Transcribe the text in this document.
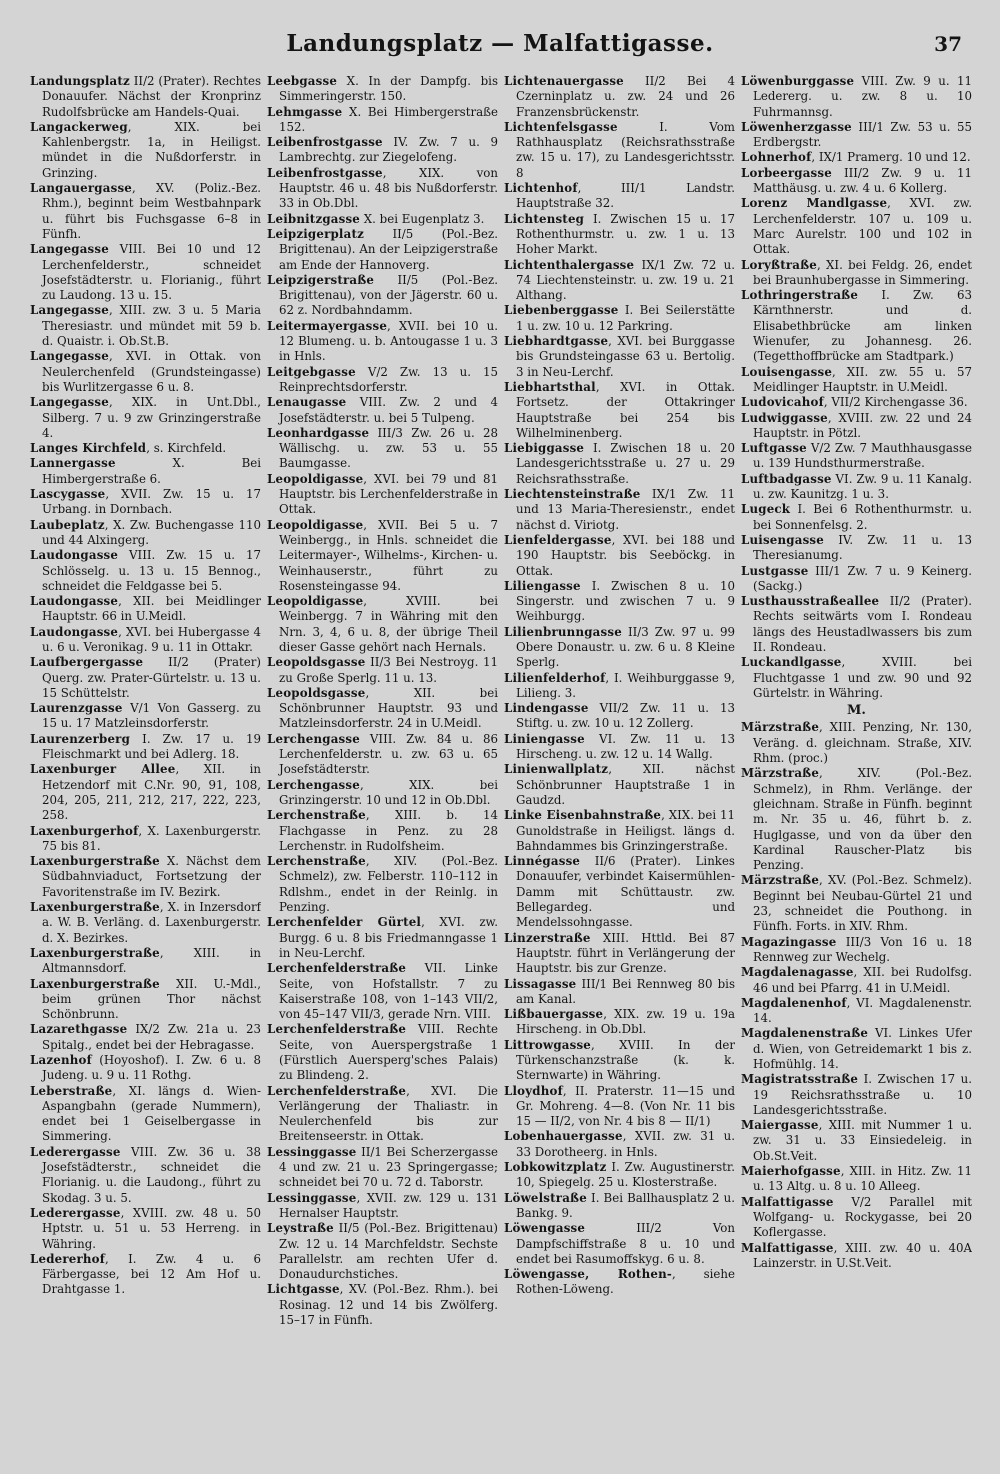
Landungsplatz — Malfattigasse.	37

Landungsplatz II/2 (Prater). Rechtes Donauufer. Nächst der Kronprinz Rudolfsbrücke am Handels-Quai.

Langackerweg, XIX. bei Kahlenbergstr. 1a, in Heiligst. mündet in die Nußdorferstr. in Grinzing.

Langauergasse, XV. (Poliz.-Bez. Rhm.), beginnt beim Westbahnpark u. führt bis Fuchsgasse 6–8 in Fünfh.

Langegasse VIII. Bei 10 und 12 Lerchenfelderstr., schneidet Josefstädterstr. u. Florianig., führt zu Laudong. 13 u. 15.

Langegasse, XIII. zw. 3 u. 5 Maria Theresiastr. und mündet mit 59 b. d. Quaistr. i. Ob.St.B.

Langegasse, XVI. in Ottak. von Neulerchenfeld (Grundsteingasse) bis Wurlitzergasse 6 u. 8.

Langegasse, XIX. in Unt.Dbl., Silberg. 7 u. 9 zw Grinzingerstraße 4.

Langes Kirchfeld, s. Kirchfeld.

Lannergasse X. Bei Himbergerstraße 6.

Lascygasse, XVII. Zw. 15 u. 17 Urbang. in Dornbach.

Laubeplatz, X. Zw. Buchengasse 110 und 44 Alxingerg.

Laudongasse VIII. Zw. 15 u. 17 Schlösselg. u. 13 u. 15 Bennog., schneidet die Feldgasse bei 5.

Laudongasse, XII. bei Meidlinger Hauptstr. 66 in U.Meidl.

Laudongasse, XVI. bei Hubergasse 4 u. 6 u. Veronikag. 9 u. 11 in Ottakr.

Laufbergergasse II/2 (Prater) Querg. zw. Prater-Gürtelstr. u. 13 u. 15 Schüttelstr.

Laurenzgasse V/1 Von Gasserg. zu 15 u. 17 Matzleinsdorferstr.

Laurenzerberg I. Zw. 17 u. 19 Fleischmarkt und bei Adlerg. 18.

Laxenburger Allee, XII. in Hetzendorf mit C.Nr. 90, 91, 108, 204, 205, 211, 212, 217, 222, 223, 258.

Laxenburgerhof, X. Laxenburgerstr. 75 bis 81.

Laxenburgerstraße X. Nächst dem Südbahnviaduct, Fortsetzung der Favoritenstraße im IV. Bezirk.

Laxenburgerstraße, X. in Inzersdorf a. W. B. Verläng. d. Laxenburgerstr. d. X. Bezirkes.

Laxenburgerstraße, XIII. in Altmannsdorf.

Laxenburgerstraße XII. U.-Mdl., beim grünen Thor nächst Schönbrunn.

Lazarethgasse IX/2 Zw. 21a u. 23 Spitalg., endet bei der Hebragasse.

Lazenhof (Hoyoshof). I. Zw. 6 u. 8 Judeng. u. 9 u. 11 Rothg.

Leberstraße, XI. längs d. Wien-Aspangbahn (gerade Nummern), endet bei 1 Geiselbergasse in Simmering.

Lederergasse VIII. Zw. 36 u. 38 Josefstädterstr., schneidet die Florianig. u. die Laudong., führt zu Skodag. 3 u. 5.

Lederergasse, XVIII. zw. 48 u. 50 Hptstr. u. 51 u. 53 Herreng. in Währing.

Ledererhof, I. Zw. 4 u. 6 Färbergasse, bei 12 Am Hof u. Drahtgasse 1.

Leebgasse X. In der Dampfg. bis Simmeringerstr. 150.

Lehmgasse X. Bei Himbergerstraße 152.

Leibenfrostgasse IV. Zw. 7 u. 9 Lambrechtg. zur Ziegelofeng.

Leibenfrostgasse, XIX. von Hauptstr. 46 u. 48 bis Nußdorferstr. 33 in Ob.Dbl.

Leibnitzgasse X. bei Eugenplatz 3.

Leipzigerplatz II/5 (Pol.-Bez. Brigittenau). An der Leipzigerstraße am Ende der Hannoverg.

Leipzigerstraße II/5 (Pol.-Bez. Brigittenau), von der Jägerstr. 60 u. 62 z. Nordbahndamm.

Leitermayergasse, XVII. bei 10 u. 12 Blumeng. u. b. Antougasse 1 u. 3 in Hnls.

Leitgebgasse V/2 Zw. 13 u. 15 Reinprechtsdorferstr.

Lenaugasse VIII. Zw. 2 und 4 Josefstädterstr. u. bei 5 Tulpeng.

Leonhardgasse III/3 Zw. 26 u. 28 Wällischg. u. zw. 53 u. 55 Baumgasse.

Leopoldigasse, XVI. bei 79 und 81 Hauptstr. bis Lerchenfelderstraße in Ottak.

Leopoldigasse, XVII. Bei 5 u. 7 Weinbergg., in Hnls. schneidet die Leitermayer-, Wilhelms-, Kirchen- u. Weinhauserstr., führt zu Rosensteingasse 94.

Leopoldigasse, XVIII. bei Weinbergg. 7 in Währing mit den Nrn. 3, 4, 6 u. 8, der übrige Theil dieser Gasse gehört nach Hernals.

Leopoldsgasse II/3 Bei Nestroyg. 11 zu Große Sperlg. 11 u. 13.

Leopoldsgasse, XII. bei Schönbrunner Hauptstr. 93 und Matzleinsdorferstr. 24 in U.Meidl.

Lerchengasse VIII. Zw. 84 u. 86 Lerchenfelderstr. u. zw. 63 u. 65 Josefstädterstr.

Lerchengasse, XIX. bei Grinzingerstr. 10 und 12 in Ob.Dbl.

Lerchenstraße, XIII. b. 14 Flachgasse in Penz. zu 28 Lerchenstr. in Rudolfsheim.

Lerchenstraße, XIV. (Pol.-Bez. Schmelz), zw. Felberstr. 110–112 in Rdlshm., endet in der Reinlg. in Penzing.

Lerchenfelder Gürtel, XVI. zw. Burgg. 6 u. 8 bis Friedmanngasse 1 in Neu-Lerchf.

Lerchenfelderstraße VII. Linke Seite, von Hofstallstr. 7 zu Kaiserstraße 108, von 1–143 VII/2, von 45–147 VII/3, gerade Nrn. VIII.

Lerchenfelderstraße VIII. Rechte Seite, von Auerspergstraße 1 (Fürstlich Auersperg'sches Palais) zu Blindeng. 2.

Lerchenfelderstraße, XVI. Die Verlängerung der Thaliastr. in Neulerchenfeld bis zur Breitenseerstr. in Ottak.

Lessinggasse II/1 Bei Scherzergasse 4 und zw. 21 u. 23 Springergasse; schneidet bei 70 u. 72 d. Taborstr.

Lessinggasse, XVII. zw. 129 u. 131 Hernalser Hauptstr.

Leystraße II/5 (Pol.-Bez. Brigittenau) Zw. 12 u. 14 Marchfeldstr. Sechste Parallelstr. am rechten Ufer d. Donaudurchstiches.

Lichtgasse, XV. (Pol.-Bez. Rhm.). bei Rosinag. 12 und 14 bis Zwölferg. 15–17 in Fünfh.

Lichtenauergasse II/2 Bei 4 Czerninplatz u. zw. 24 und 26 Franzensbrückenstr.

Lichtenfelsgasse I. Vom Rathhausplatz (Reichsrathsstraße zw. 15 u. 17), zu Landesgerichtsstr. 8

Lichtenhof, III/1 Landstr. Hauptstraße 32.

Lichtensteg I. Zwischen 15 u. 17 Rothenthurmstr. u. zw. 1 u. 13 Hoher Markt.

Lichtenthalergasse IX/1 Zw. 72 u. 74 Liechtensteinstr. u. zw. 19 u. 21 Althang.

Liebenberggasse I. Bei Seilerstätte 1 u. zw. 10 u. 12 Parkring.

Liebhardtgasse, XVI. bei Burggasse bis Grundsteingasse 63 u. Bertolig. 3 in Neu-Lerchf.

Liebhartsthal, XVI. in Ottak. Fortsetz. der Ottakringer Hauptstraße bei 254 bis Wilhelminenberg.

Liebiggasse I. Zwischen 18 u. 20 Landesgerichtsstraße u. 27 u. 29 Reichsrathsstraße.

Liechtensteinstraße IX/1 Zw. 11 und 13 Maria-Theresienstr., endet nächst d. Viriotg.

Lienfeldergasse, XVI. bei 188 und 190 Hauptstr. bis Seeböckg. in Ottak.

Liliengasse I. Zwischen 8 u. 10 Singerstr. und zwischen 7 u. 9 Weihburgg.

Lilienbrunngasse II/3 Zw. 97 u. 99 Obere Donaustr. u. zw. 6 u. 8 Kleine Sperlg.

Lilienfelderhof, I. Weihburggasse 9, Lilieng. 3.

Lindengasse VII/2 Zw. 11 u. 13 Stiftg. u. zw. 10 u. 12 Zollerg.

Liniengasse VI. Zw. 11 u. 13 Hirscheng. u. zw. 12 u. 14 Wallg.

Linienwallplatz, XII. nächst Schönbrunner Hauptstraße 1 in Gaudzd.

Linke Eisenbahnstraße, XIX. bei 11 Gunoldstraße in Heiligst. längs d. Bahndammes bis Grinzingerstraße.

Linnégasse II/6 (Prater). Linkes Donauufer, verbindet Kaisermühlen-Damm mit Schüttaustr. zw. Bellegardeg. und Mendelssohngasse.

Linzerstraße XIII. Httld. Bei 87 Hauptstr. führt in Verlängerung der Hauptstr. bis zur Grenze.

Lissagasse III/1 Bei Rennweg 80 bis am Kanal.

Lißbauergasse, XIX. zw. 19 u. 19a Hirscheng. in Ob.Dbl.

Littrowgasse, XVIII. In der Türkenschanzstraße (k. k. Sternwarte) in Währing.

Lloydhof, II. Praterstr. 11—15 und Gr. Mohreng. 4—8. (Von Nr. 11 bis 15 — II/2, von Nr. 4 bis 8 — II/1)

Lobenhauergasse, XVII. zw. 31 u. 33 Dorotheerg. in Hnls.

Lobkowitzplatz I. Zw. Augustinerstr. 10, Spiegelg. 25 u. Klosterstraße.

Löwelstraße I. Bei Ballhausplatz 2 u. Bankg. 9.

Löwengasse III/2 Von Dampfschiffstraße 8 u. 10 und endet bei Rasumoffskyg. 6 u. 8.

Löwengasse, Rothen-, siehe Rothen-Löweng.

Löwenburggasse VIII. Zw. 9 u. 11 Ledererg. u. zw. 8 u. 10 Fuhrmannsg.

Löwenherzgasse III/1 Zw. 53 u. 55 Erdbergstr.

Lohnerhof, IX/1 Pramerg. 10 und 12.

Lorbeergasse III/2 Zw. 9 u. 11 Matthäusg. u. zw. 4 u. 6 Kollerg.

Lorenz Mandlgasse, XVI. zw. Lerchenfelderstr. 107 u. 109 u. Marc Aurelstr. 100 und 102 in Ottak.

Loryßtraße, XI. bei Feldg. 26, endet bei Braunhubergasse in Simmering.

Lothringerstraße I. Zw. 63 Kärnthnerstr. und d. Elisabethbrücke am linken Wienufer, zu Johannesg. 26. (Tegetthoffbrücke am Stadtpark.)

Louisengasse, XII. zw. 55 u. 57 Meidlinger Hauptstr. in U.Meidl.

Ludovicahof, VII/2 Kirchengasse 36.

Ludwiggasse, XVIII. zw. 22 und 24 Hauptstr. in Pötzl.

Luftgasse V/2 Zw. 7 Mauthhausgasse u. 139 Hundsthurmerstraße.

Luftbadgasse VI. Zw. 9 u. 11 Kanalg. u. zw. Kaunitzg. 1 u. 3.

Lugeck I. Bei 6 Rothenthurmstr. u. bei Sonnenfelsg. 2.

Luisengasse IV. Zw. 11 u. 13 Theresianumg.

Lustgasse III/1 Zw. 7 u. 9 Keinerg. (Sackg.)

Lusthausstraßeallee II/2 (Prater). Rechts seitwärts vom I. Rondeau längs des Heustadlwassers bis zum II. Rondeau.

Luckandlgasse, XVIII. bei Fluchtgasse 1 und zw. 90 und 92 Gürtelstr. in Währing.

M.

Märzstraße, XIII. Penzing, Nr. 130, Veräng. d. gleichnam. Straße, XIV. Rhm. (proc.)

Märzstraße, XIV. (Pol.-Bez. Schmelz), in Rhm. Verlänge. der gleichnam. Straße in Fünfh. beginnt m. Nr. 35 u. 46, führt b. z. Huglgasse, und von da über den Kardinal Rauscher-Platz bis Penzing.

Märzstraße, XV. (Pol.-Bez. Schmelz). Beginnt bei Neubau-Gürtel 21 und 23, schneidet die Pouthong. in Fünfh. Forts. in XIV. Rhm.

Magazingasse III/3 Von 16 u. 18 Rennweg zur Wechelg.

Magdalenagasse, XII. bei Rudolfsg. 46 und bei Pfarrg. 41 in U.Meidl.

Magdalenenhof, VI. Magdalenenstr. 14.

Magdalenenstraße VI. Linkes Ufer d. Wien, von Getreidemarkt 1 bis z. Hofmühlg. 14.

Magistratsstraße I. Zwischen 17 u. 19 Reichsrathsstraße u. 10 Landesgerichtsstraße.

Maiergasse, XIII. mit Nummer 1 u. zw. 31 u. 33 Einsiedeleig. in Ob.St.Veit.

Maierhofgasse, XIII. in Hitz. Zw. 11 u. 13 Altg. u. 8 u. 10 Alleeg.

Malfattigasse V/2 Parallel mit Wolfgang- u. Rockygasse, bei 20 Koflergasse.

Malfattigasse, XIII. zw. 40 u. 40A Lainzerstr. in U.St.Veit.
